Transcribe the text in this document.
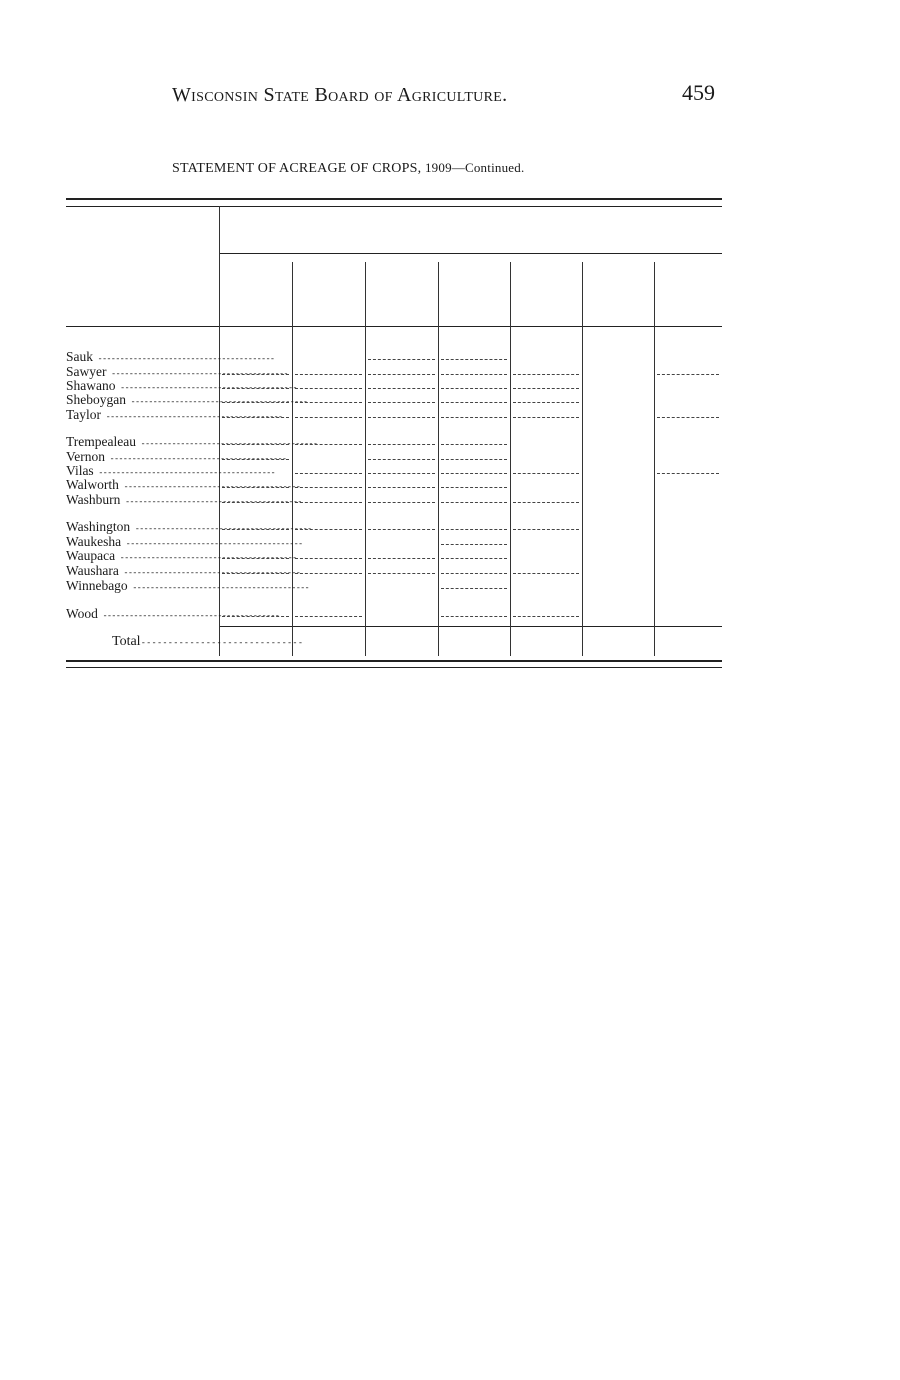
Wisconsin State Board of Agriculture.	459
STATEMENT OF ACREAGE OF CROPS, 1909—Continued.
Sauk ----------------------------------------
Sawyer ----------------------------------------
Shawano ----------------------------------------
Sheboygan ----------------------------------------
Taylor ----------------------------------------
Trempealeau ----------------------------------------
Vernon ----------------------------------------
Vilas ----------------------------------------
Walworth ----------------------------------------
Washburn ----------------------------------------
Washington ----------------------------------------
Waukesha ----------------------------------------
Waupaca ----------------------------------------
Waushara ----------------------------------------
Winnebago ----------------------------------------
Wood ----------------------------------------
Total------------------------------
